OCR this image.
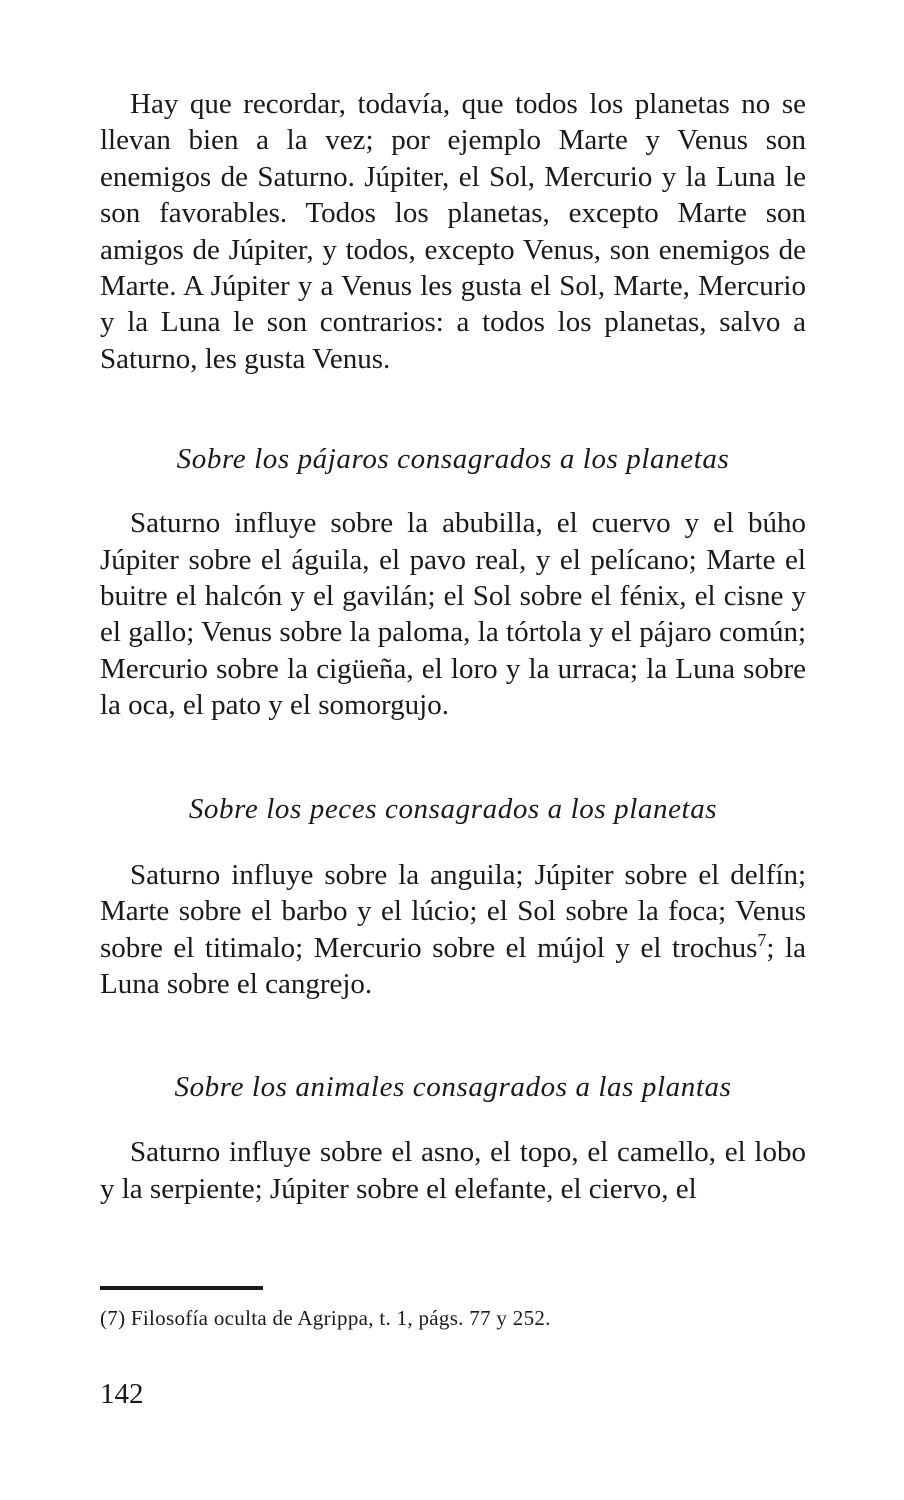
Hay que recordar, todavía, que todos los planetas no se llevan bien a la vez; por ejemplo Marte y Venus son enemigos de Saturno. Júpiter, el Sol, Mercurio y la Luna le son favorables. Todos los planetas, excepto Marte son amigos de Júpiter, y todos, excepto Venus, son enemigos de Marte. A Júpiter y a Venus les gusta el Sol, Marte, Mercurio y la Luna le son contrarios: a todos los planetas, salvo a Saturno, les gusta Venus.

Sobre los pájaros consagrados a los planetas

Saturno influye sobre la abubilla, el cuervo y el búho Júpiter sobre el águila, el pavo real, y el pelícano; Marte el buitre el halcón y el gavilán; el Sol sobre el fénix, el cisne y el gallo; Venus sobre la paloma, la tórtola y el pájaro común; Mercurio sobre la cigüeña, el loro y la urraca; la Luna sobre la oca, el pato y el somorgujo.

Sobre los peces consagrados a los planetas

Saturno influye sobre la anguila; Júpiter sobre el delfín; Marte sobre el barbo y el lúcio; el Sol sobre la foca; Venus sobre el titimalo; Mercurio sobre el mújol y el trochus$^7$; la Luna sobre el cangrejo.

Sobre los animales consagrados a las plantas

Saturno influye sobre el asno, el topo, el camello, el lobo y la serpiente; Júpiter sobre el elefante, el ciervo, el

(7) Filosofía oculta de Agrippa, t. 1, págs. 77 y 252.

142
